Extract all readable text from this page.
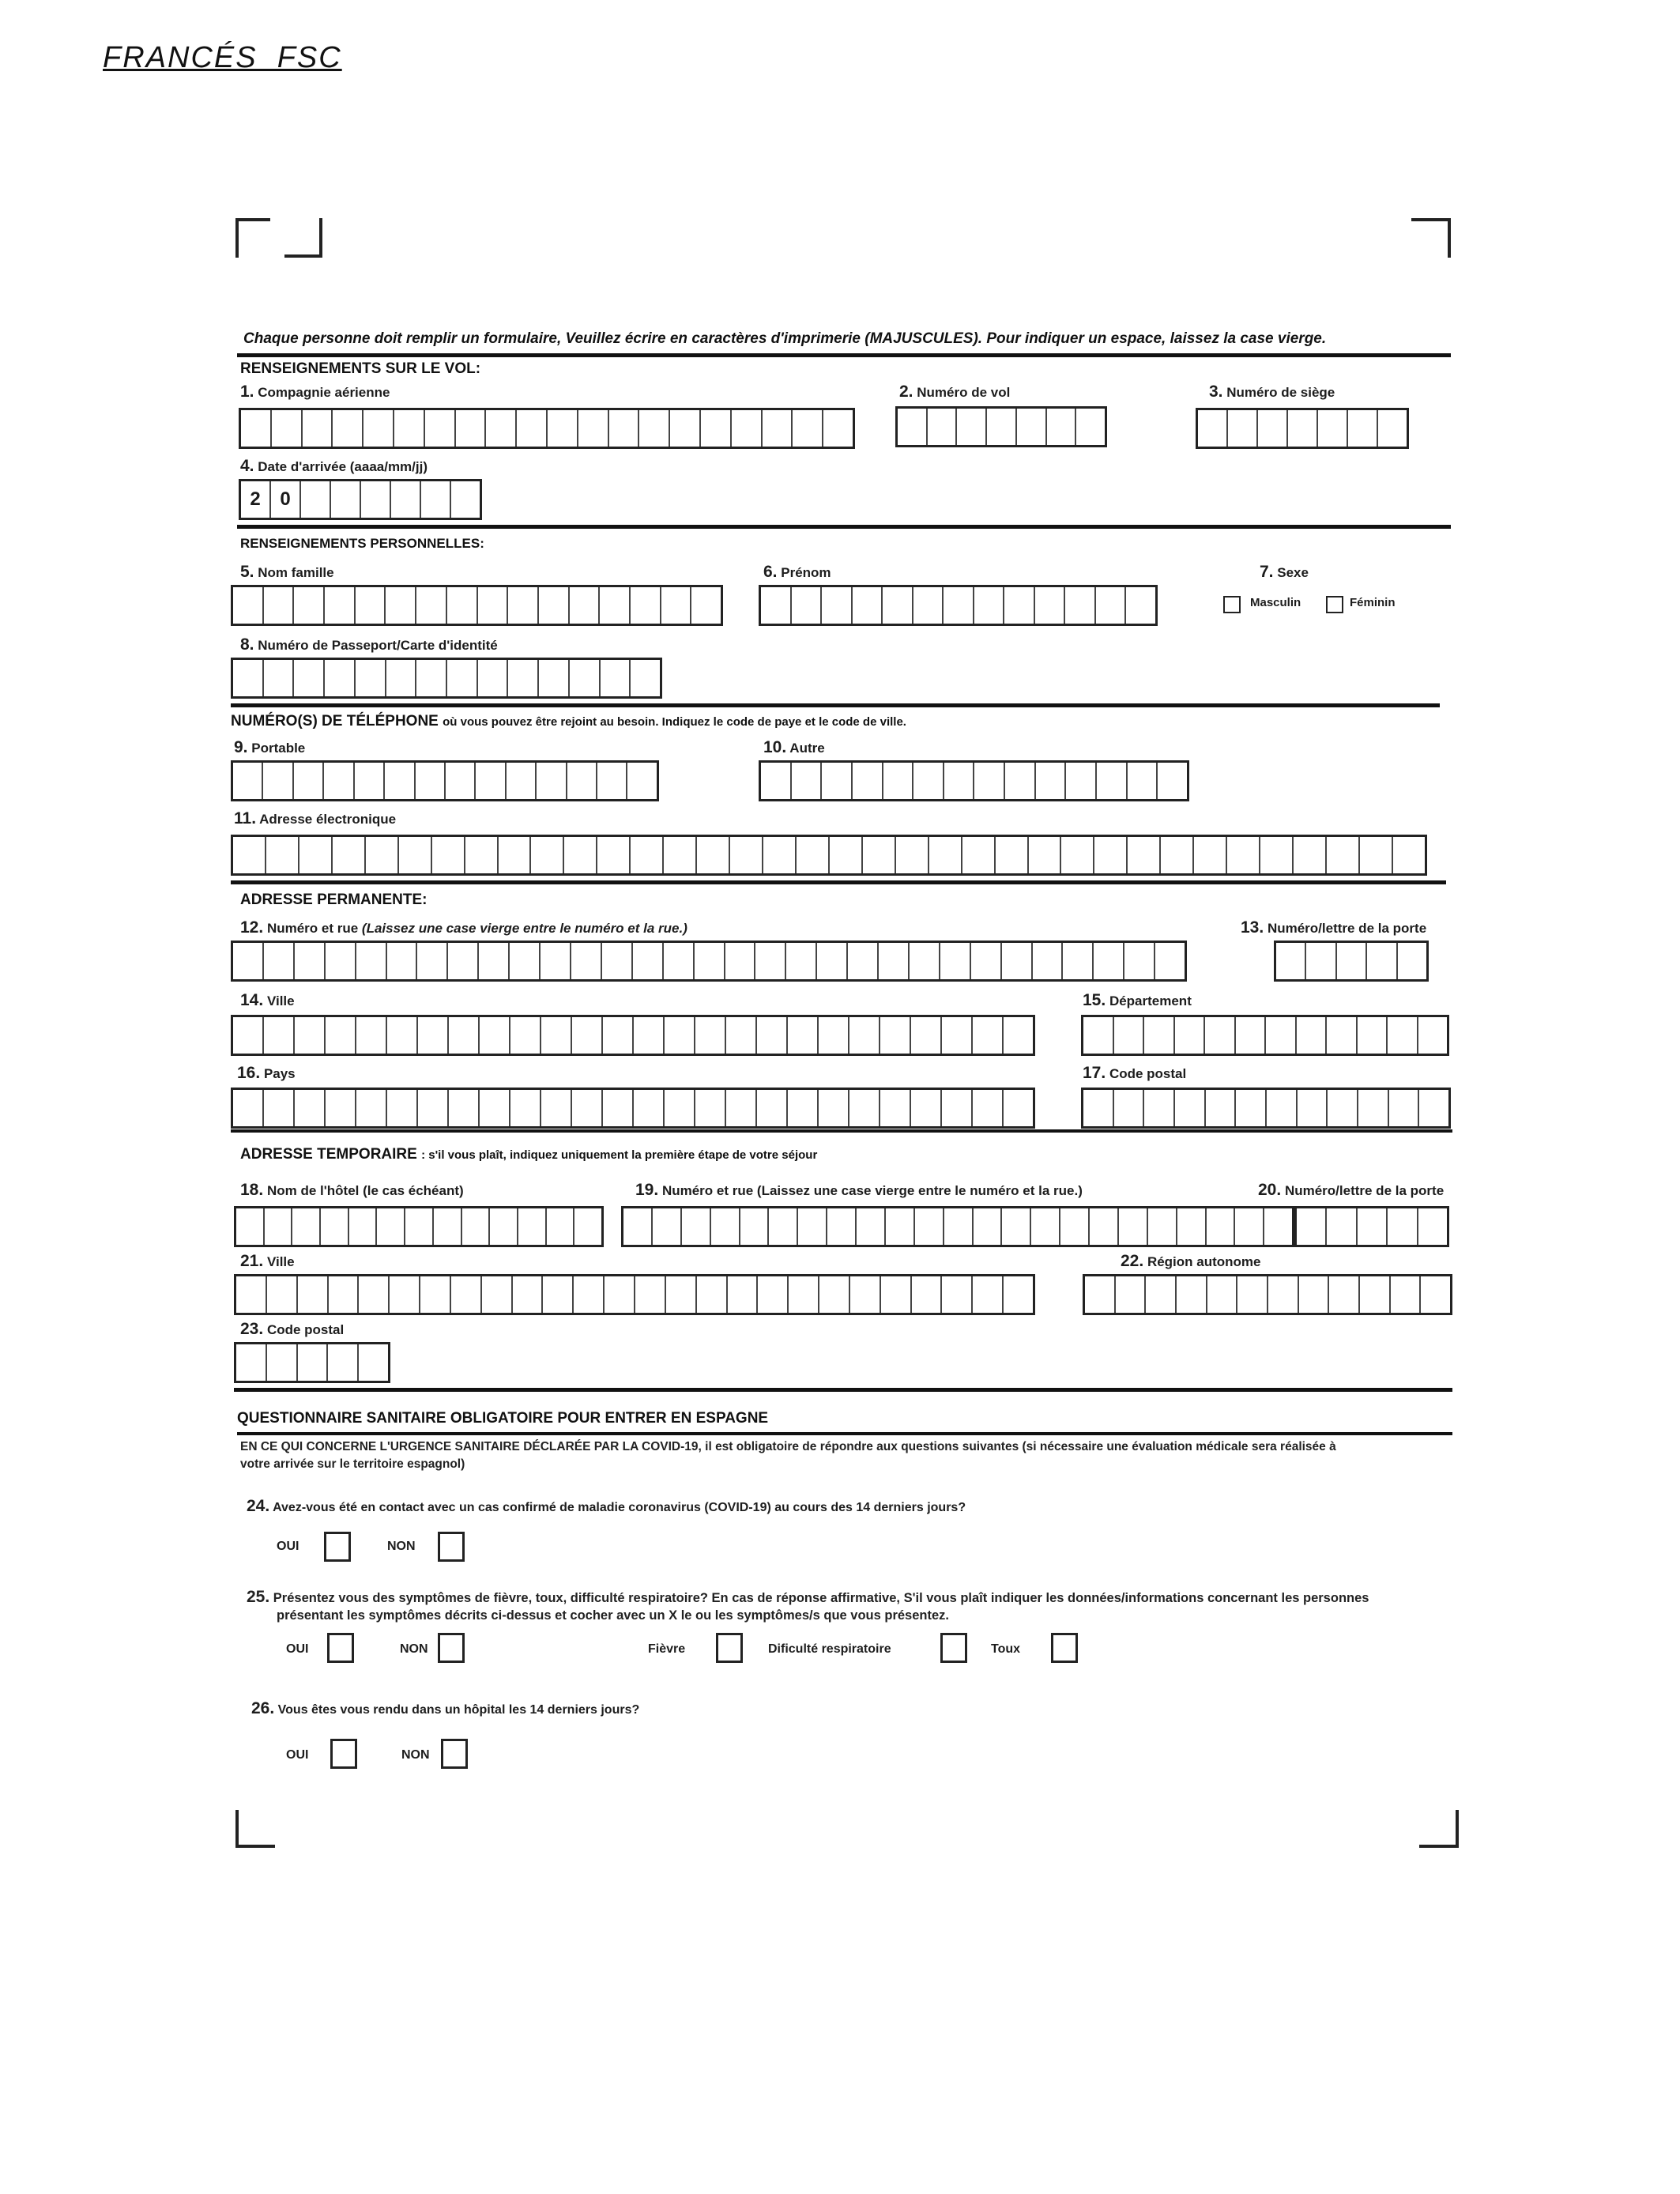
FRANCÉS  FSC
Chaque personne doit remplir un formulaire, Veuillez écrire en caractères d'imprimerie (MAJUSCULES). Pour indiquer un espace, laissez la case vierge.
RENSEIGNEMENTS SUR LE VOL:
1. Compagnie aérienne	2. Numéro de vol	3. Numéro de siège
4. Date d'arrivée (aaaa/mm/jj)
2	0
RENSEIGNEMENTS PERSONNELLES:
5. Nom famille	6. Prénom	7. Sexe
Masculin	Féminin
8. Numéro de Passeport/Carte d'identité
NUMÉRO(S) DE TÉLÉPHONE où vous pouvez être rejoint au besoin. Indiquez le code de paye et le code de ville.
9. Portable	10. Autre
11. Adresse électronique
ADRESSE PERMANENTE:
12. Numéro et rue (Laissez une case vierge entre le numéro et la rue.)	13. Numéro/lettre de la porte
14. Ville	15. Département
16. Pays	17. Code postal
ADRESSE TEMPORAIRE : s'il vous plaît, indiquez uniquement la première étape de votre séjour
18. Nom de l'hôtel (le cas échéant)	19. Numéro et rue (Laissez une case vierge entre le numéro et la rue.)	20. Numéro/lettre de la porte
21. Ville	22. Région autonome
23. Code postal
QUESTIONNAIRE SANITAIRE OBLIGATOIRE POUR ENTRER EN ESPAGNE
EN CE QUI CONCERNE L'URGENCE SANITAIRE DÉCLARÉE PAR LA COVID-19, il est obligatoire de répondre aux questions suivantes (si nécessaire une évaluation médicale sera réalisée à
votre arrivée sur le territoire espagnol)
24. Avez-vous été en contact avec un cas confirmé de maladie coronavirus (COVID-19) au cours des 14 derniers jours?
OUI	NON
25. Présentez vous des symptômes de fièvre, toux, difficulté respiratoire? En cas de réponse affirmative, S'il vous plaît indiquer les données/informations concernant les personnes
présentant les symptômes décrits ci-dessus et cocher avec un X le ou les symptômes/s que vous présentez.
OUI	NON	Fièvre	Dificulté respiratoire	Toux
26. Vous êtes vous rendu dans un hôpital les 14 derniers jours?
OUI	NON
